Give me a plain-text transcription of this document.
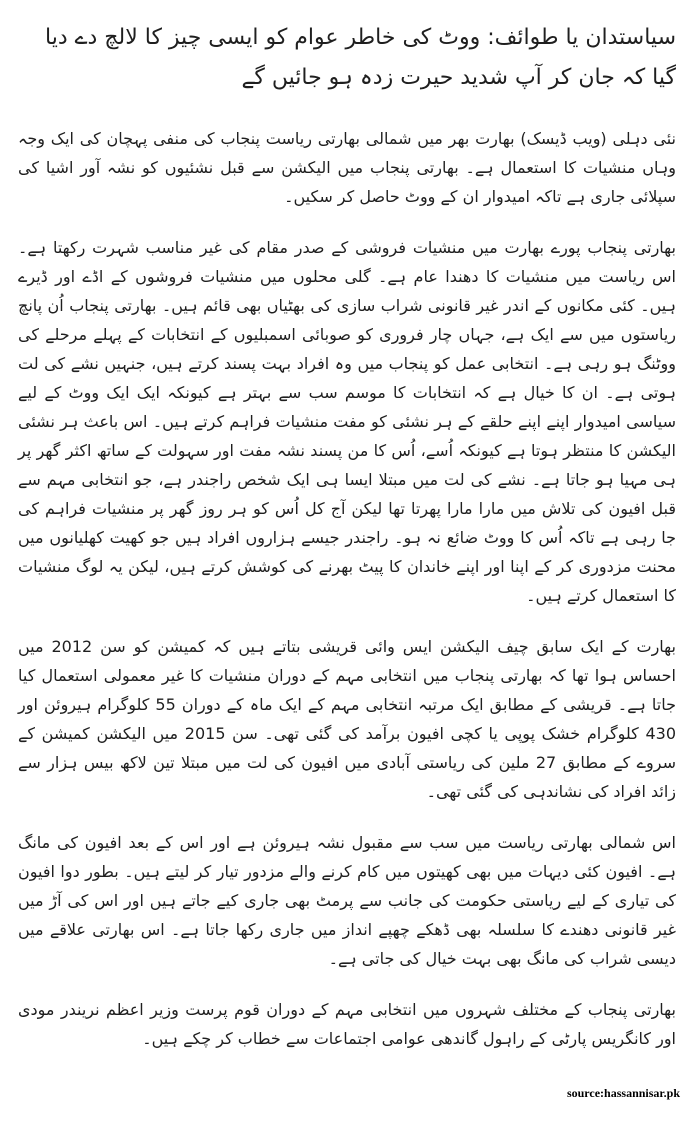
سیاستدان یا طوائف: ووٹ کی خاطر عوام کو ایسی چیز کا لالچ دے دیا گیا کہ جان کر آپ شدید حیرت زدہ ہو جائیں گے

نئی دہلی (ویب ڈیسک) بھارت بھر میں شمالی بھارتی ریاست پنجاب کی منفی پہچان کی ایک وجہ وہاں منشیات کا استعمال ہے۔ بھارتی پنجاب میں الیکشن سے قبل نشئیوں کو نشہ آور اشیا کی سپلائی جاری ہے تاکہ امیدوار ان کے ووٹ حاصل کر سکیں۔

بھارتی پنجاب پورے بھارت میں منشیات فروشی کے صدر مقام کی غیر مناسب شہرت رکھتا ہے۔ اس ریاست میں منشیات کا دھندا عام ہے۔ گلی محلوں میں منشیات فروشوں کے اڈے اور ڈیرے ہیں۔ کئی مکانوں کے اندر غیر قانونی شراب سازی کی بھٹیاں بھی قائم ہیں۔ بھارتی پنجاب اُن پانچ ریاستوں میں سے ایک ہے، جہاں چار فروری کو صوبائی اسمبلیوں کے انتخابات کے پہلے مرحلے کی ووٹنگ ہو رہی ہے۔ انتخابی عمل کو پنجاب میں وہ افراد بہت پسند کرتے ہیں، جنہیں نشے کی لت ہوتی ہے۔ ان کا خیال ہے کہ انتخابات کا موسم سب سے بہتر ہے کیونکہ ایک ایک ووٹ کے لیے سیاسی امیدوار اپنے اپنے حلقے کے ہر نشئی کو مفت منشیات فراہم کرتے ہیں۔ اس باعث ہر نشئی الیکشن کا منتظر ہوتا ہے کیونکہ اُسے، اُس کا من پسند نشہ مفت اور سہولت کے ساتھ اکثر گھر پر ہی مہیا ہو جاتا ہے۔ نشے کی لت میں مبتلا ایسا ہی ایک شخص راجندر ہے، جو انتخابی مہم سے قبل افیون کی تلاش میں مارا مارا پھرتا تھا لیکن آج کل اُس کو ہر روز گھر پر منشیات فراہم کی جا رہی ہے تاکہ اُس کا ووٹ ضائع نہ ہو۔ راجندر جیسے ہزاروں افراد ہیں جو کھیت کھلیانوں میں محنت مزدوری کر کے اپنا اور اپنے خاندان کا پیٹ بھرنے کی کوشش کرتے ہیں، لیکن یہ لوگ منشیات کا استعمال کرتے ہیں۔

بھارت کے ایک سابق چیف الیکشن ایس وائی قریشی بتاتے ہیں کہ کمیشن کو سن 2012 میں احساس ہوا تھا کہ بھارتی پنجاب میں انتخابی مہم کے دوران منشیات کا غیر معمولی استعمال کیا جاتا ہے۔ قریشی کے مطابق ایک مرتبہ انتخابی مہم کے ایک ماہ کے دوران 55 کلوگرام ہیروئن اور 430 کلوگرام خشک پوپی یا کچی افیون برآمد کی گئی تھی۔ سن 2015 میں الیکشن کمیشن کے سروے کے مطابق 27 ملین کی ریاستی آبادی میں افیون کی لت میں مبتلا تین لاکھ بیس ہزار سے زائد افراد کی نشاندہی کی گئی تھی۔

اس شمالی بھارتی ریاست میں سب سے مقبول نشہ ہیروئن ہے اور اس کے بعد افیون کی مانگ ہے۔ افیون کئی دیہات میں بھی کھیتوں میں کام کرنے والے مزدور تیار کر لیتے ہیں۔ بطور دوا افیون کی تیاری کے لیے ریاستی حکومت کی جانب سے پرمٹ بھی جاری کیے جاتے ہیں اور اس کی آڑ میں غیر قانونی دھندے کا سلسلہ بھی ڈھکے چھپے انداز میں جاری رکھا جاتا ہے۔ اس بھارتی علاقے میں دیسی شراب کی مانگ بھی بہت خیال کی جاتی ہے۔

بھارتی پنجاب کے مختلف شہروں میں انتخابی مہم کے دوران قوم پرست وزیر اعظم نریندر مودی اور کانگریس پارٹی کے راہول گاندھی عوامی اجتماعات سے خطاب کر چکے ہیں۔

source:hassannisar.pk
